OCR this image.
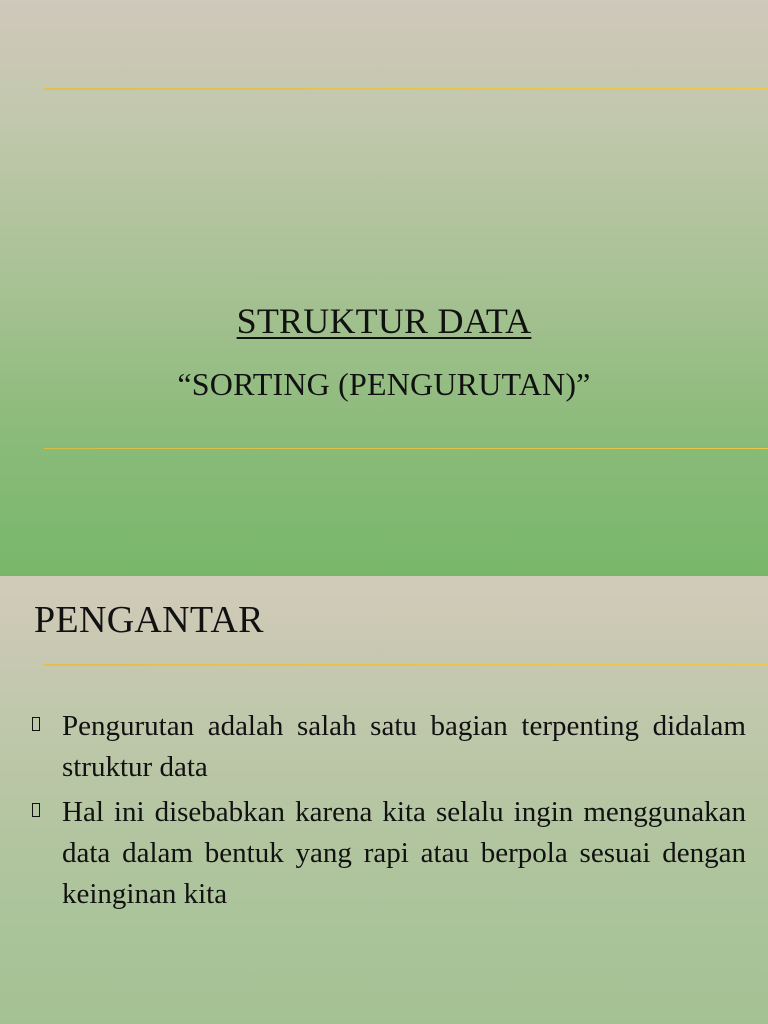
STRUKTUR DATA
“SORTING (PENGURUTAN)”
PENGANTAR
Pengurutan adalah salah satu bagian terpenting didalam struktur data
Hal ini disebabkan karena kita selalu ingin menggunakan data dalam bentuk yang rapi atau berpola sesuai dengan keinginan kita
